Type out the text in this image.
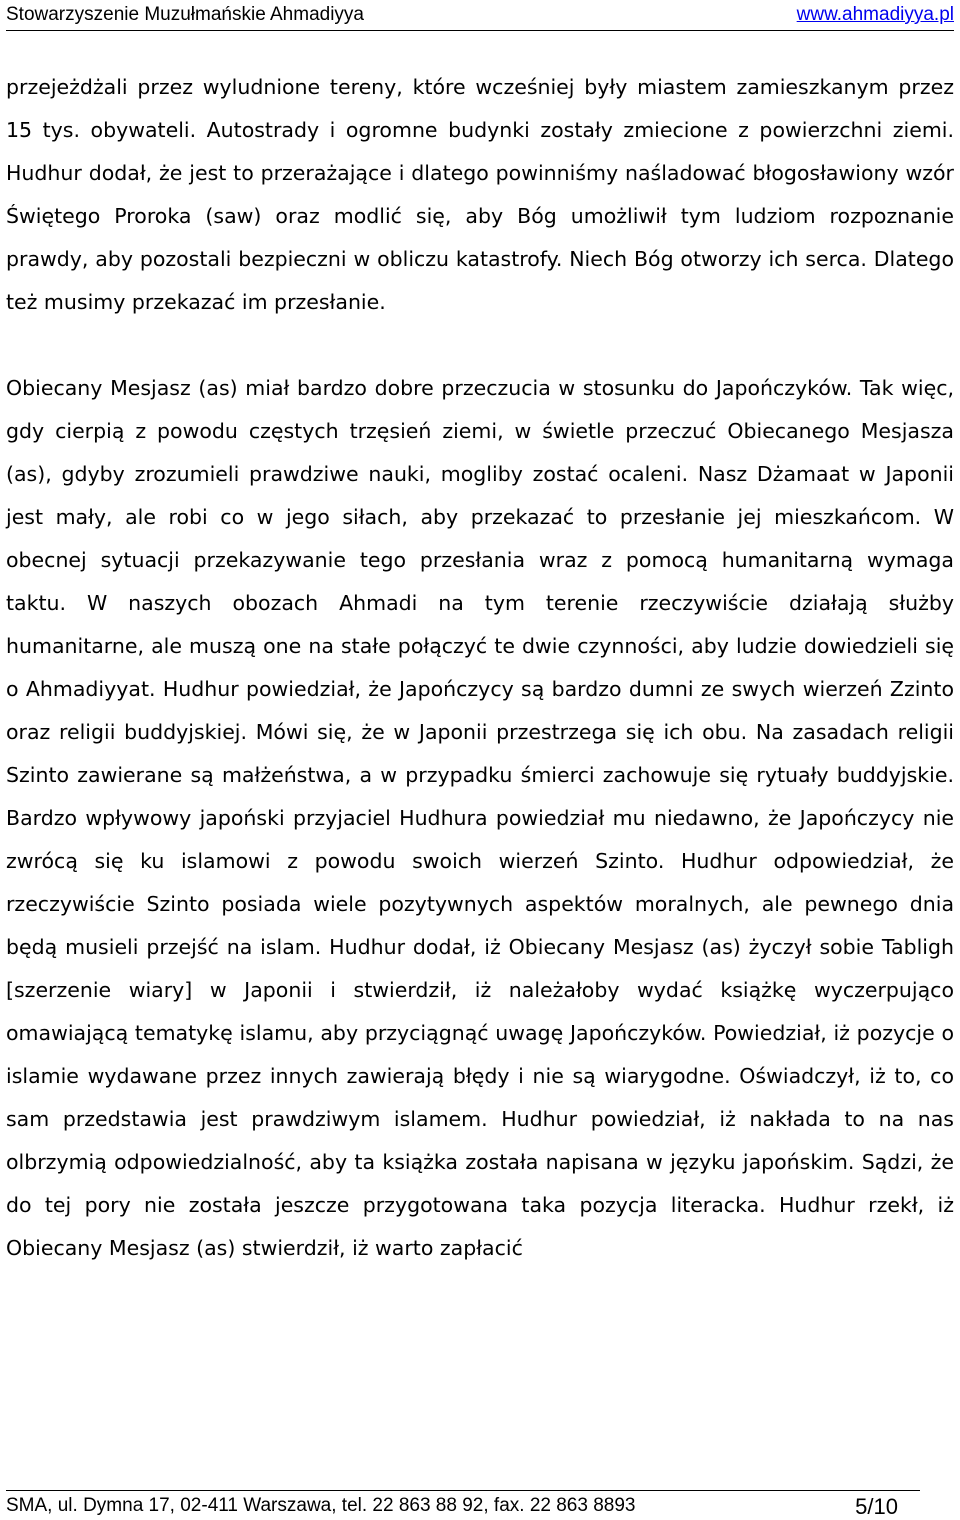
Stowarzyszenie Muzułmańskie Ahmadiyya	www.ahmadiyya.pl

przejeżdżali przez wyludnione tereny, które wcześniej były miastem zamieszkanym przez 15 tys. obywateli. Autostrady i ogromne budynki zostały zmiecione z powierzchni ziemi. Hudhur dodał, że jest to przerażające i dlatego powinniśmy naśladować błogosławiony wzór Świętego Proroka (saw) oraz modlić się, aby Bóg umożliwił tym ludziom rozpoznanie prawdy, aby pozostali bezpieczni w obliczu katastrofy. Niech Bóg otworzy ich serca. Dlatego też musimy przekazać im przesłanie.

Obiecany Mesjasz (as) miał bardzo dobre przeczucia w stosunku do Japończyków. Tak więc, gdy cierpią z powodu częstych trzęsień ziemi, w świetle przeczuć Obiecanego Mesjasza (as), gdyby zrozumieli prawdziwe nauki, mogliby zostać ocaleni. Nasz Dżamaat w Japonii jest mały, ale robi co w jego siłach, aby przekazać to przesłanie jej mieszkańcom. W obecnej sytuacji przekazywanie tego przesłania wraz z pomocą humanitarną wymaga taktu. W naszych obozach Ahmadi na tym terenie rzeczywiście działają służby humanitarne, ale muszą one na stałe połączyć te dwie czynności, aby ludzie dowiedzieli się o Ahmadiyyat. Hudhur powiedział, że Japończycy są bardzo dumni ze swych wierzeń Zzinto oraz religii buddyjskiej. Mówi się, że w Japonii przestrzega się ich obu. Na zasadach religii Szinto zawierane są małżeństwa, a w przypadku śmierci zachowuje się rytuały buddyjskie. Bardzo wpływowy japoński przyjaciel Hudhura powiedział mu niedawno, że Japończycy nie zwrócą się ku islamowi z powodu swoich wierzeń Szinto. Hudhur odpowiedział, że rzeczywiście Szinto posiada wiele pozytywnych aspektów moralnych, ale pewnego dnia będą musieli przejść na islam. Hudhur dodał, iż Obiecany Mesjasz (as) życzył sobie Tabligh [szerzenie wiary] w Japonii i stwierdził, iż należałoby wydać książkę wyczerpująco omawiającą tematykę islamu, aby przyciągnąć uwagę Japończyków. Powiedział, iż pozycje o islamie wydawane przez innych zawierają błędy i nie są wiarygodne. Oświadczył, iż to, co sam przedstawia jest prawdziwym islamem. Hudhur powiedział, iż nakłada to na nas olbrzymią odpowiedzialność, aby ta książka została napisana w języku japońskim. Sądzi, że do tej pory nie została jeszcze przygotowana taka pozycja literacka. Hudhur rzekł, iż Obiecany Mesjasz (as) stwierdził, iż warto zapłacić

SMA, ul. Dymna 17, 02-411 Warszawa, tel. 22 863 88 92, fax. 22 863 8893	5/10
